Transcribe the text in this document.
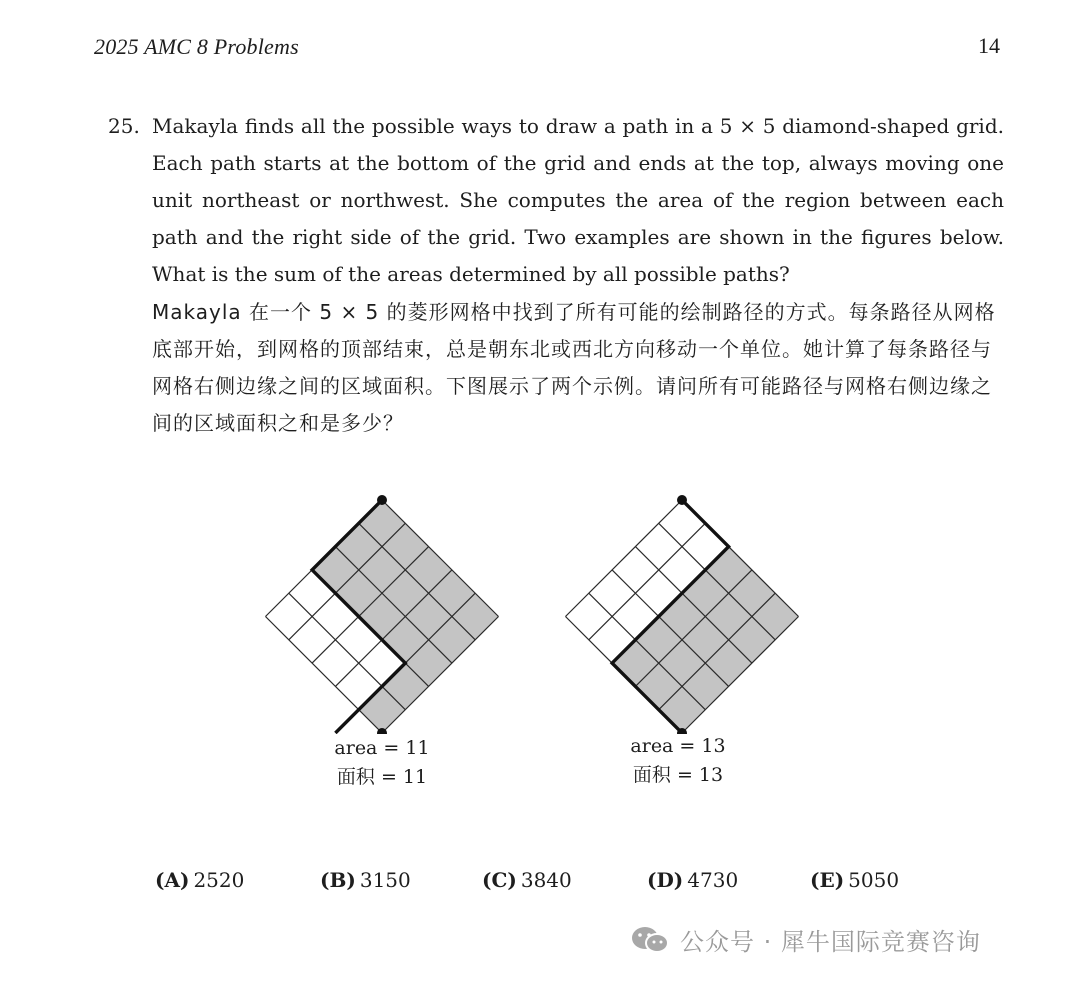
2025 AMC 8 Problems	14
25. Makayla finds all the possible ways to draw a path in a 5 × 5 diamond-shaped grid. Each path starts at the bottom of the grid and ends at the top, always moving one unit northeast or northwest. She computes the area of the region between each path and the right side of the grid. Two examples are shown in the figures below. What is the sum of the areas determined by all possible paths?
Makayla 在一个 5 × 5 的菱形网格中找到了所有可能的绘制路径的方式。每条路径从网格底部开始，到网格的顶部结束，总是朝东北或西北方向移动一个单位。她计算了每条路径与网格右侧边缘之间的区域面积。下图展示了两个示例。请问所有可能路径与网格右侧边缘之间的区域面积之和是多少？
area = 11
面积 = 11
area = 13
面积 = 13
(A) 2520	(B) 3150	(C) 3840	(D) 4730	(E) 5050
公众号 · 犀牛国际竞赛咨询
